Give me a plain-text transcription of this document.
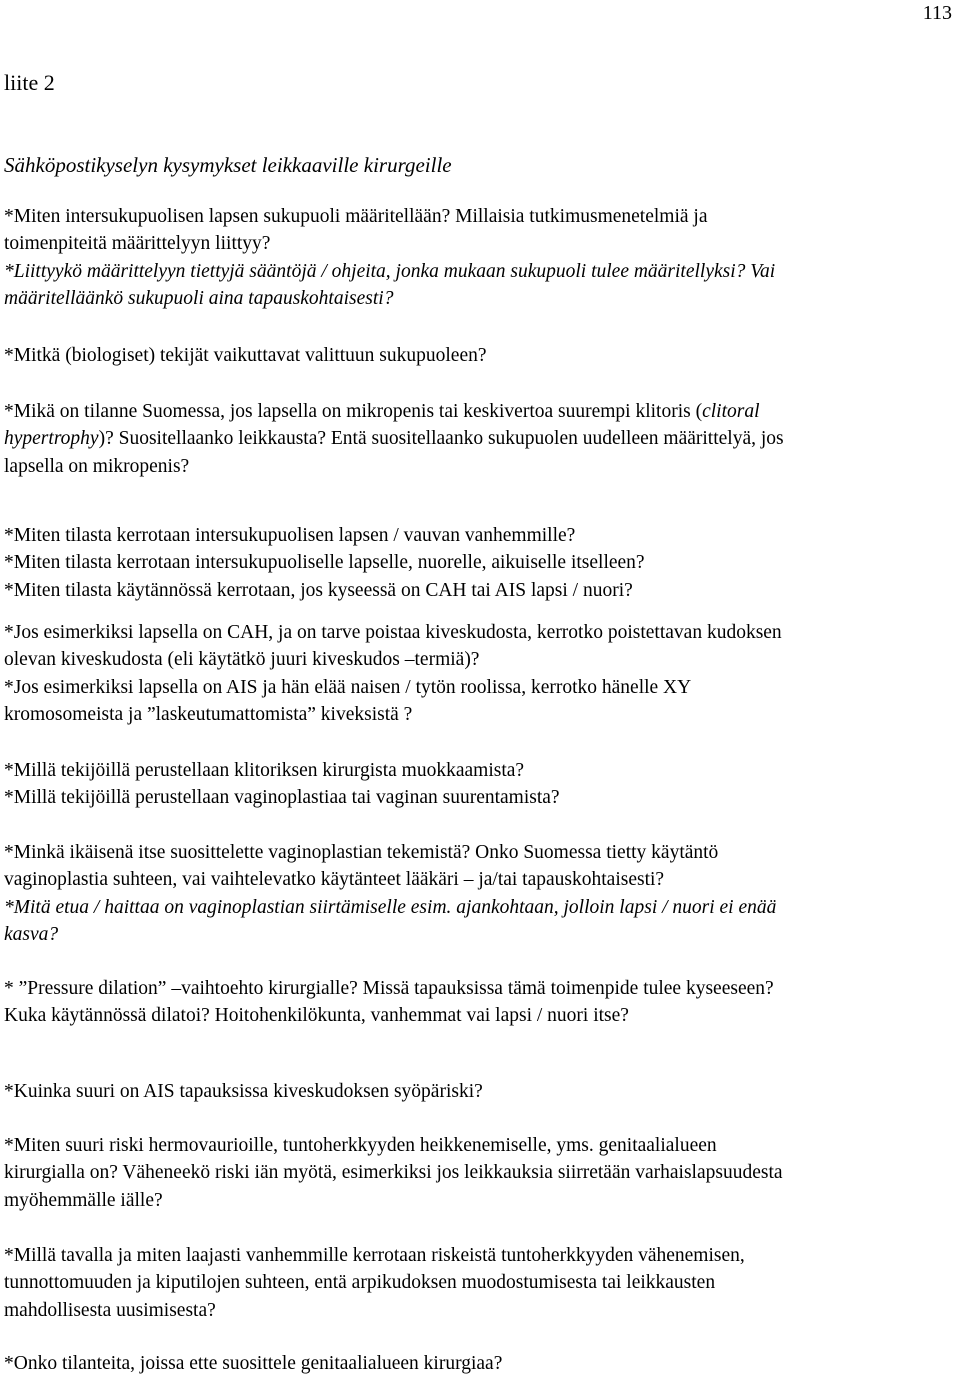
113
liite 2
Sähköpostikyselyn kysymykset leikkaaville kirurgeille
*Miten intersukupuolisen lapsen sukupuoli määritellään? Millaisia tutkimusmenetelmiä ja
toimenpiteitä määrittelyyn liittyy?
*Liittyykö määrittelyyn tiettyjä sääntöjä / ohjeita, jonka mukaan sukupuoli tulee määritellyksi? Vai
määritelläänkö sukupuoli aina tapauskohtaisesti?
*Mitkä (biologiset) tekijät vaikuttavat valittuun sukupuoleen?
*Mikä on tilanne Suomessa, jos lapsella on mikropenis tai keskivertoa suurempi klitoris (clitoral
hypertrophy)? Suositellaanko leikkausta? Entä suositellaanko sukupuolen uudelleen määrittelyä, jos
lapsella on mikropenis?
*Miten tilasta kerrotaan intersukupuolisen lapsen / vauvan vanhemmille?
*Miten tilasta kerrotaan intersukupuoliselle lapselle, nuorelle, aikuiselle itselleen?
*Miten tilasta käytännössä kerrotaan, jos kyseessä on CAH tai AIS lapsi / nuori?
*Jos esimerkiksi lapsella on CAH, ja on tarve poistaa kiveskudosta, kerrotko poistettavan kudoksen
olevan kiveskudosta (eli käytätkö juuri kiveskudos –termiä)?
*Jos esimerkiksi lapsella on AIS ja hän elää naisen / tytön roolissa, kerrotko hänelle XY
kromosomeista ja ”laskeutumattomista” kiveksistä ?
*Millä tekijöillä perustellaan klitoriksen kirurgista muokkaamista?
*Millä tekijöillä perustellaan vaginoplastiaa tai vaginan suurentamista?
*Minkä ikäisenä itse suosittelette vaginoplastian tekemistä? Onko Suomessa tietty käytäntö
vaginoplastia suhteen, vai vaihtelevatko käytänteet lääkäri – ja/tai tapauskohtaisesti?
*Mitä etua / haittaa on vaginoplastian siirtämiselle esim. ajankohtaan, jolloin lapsi / nuori ei enää
kasva?
* ”Pressure dilation” –vaihtoehto kirurgialle? Missä tapauksissa tämä toimenpide tulee kyseeseen?
Kuka käytännössä dilatoi? Hoitohenkilökunta, vanhemmat vai lapsi / nuori itse?
*Kuinka suuri on AIS tapauksissa kiveskudoksen syöpäriski?
*Miten suuri riski hermovaurioille, tuntoherkkyyden heikkenemiselle, yms. genitaalialueen
kirurgialla on? Väheneekö riski iän myötä, esimerkiksi jos leikkauksia siirretään varhaislapsuudesta
myöhemmälle iälle?
*Millä tavalla ja miten laajasti vanhemmille kerrotaan riskeistä tuntoherkkyyden vähenemisen,
tunnottomuuden ja kiputilojen suhteen, entä arpikudoksen muodostumisesta tai leikkausten
mahdollisesta uusimisesta?
*Onko tilanteita, joissa ette suosittele genitaalialueen kirurgiaa?
